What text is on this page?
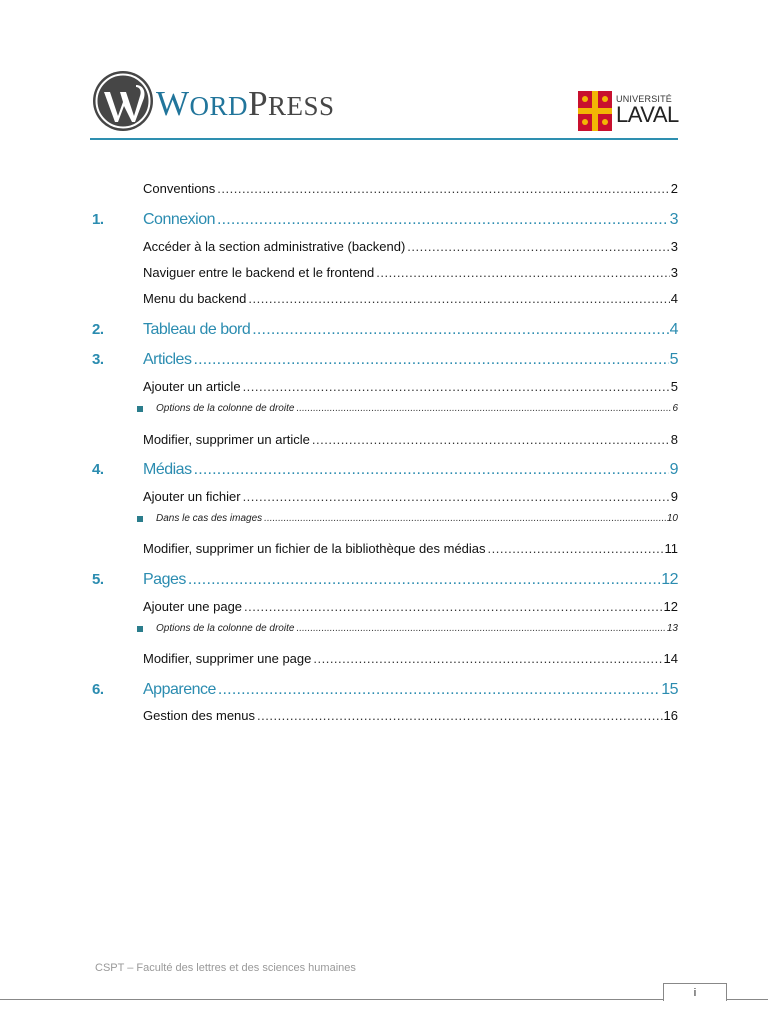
WORDPRESS	UNIVERSITÉ
LAVAL
Conventions .....	2
1. Connexion .....	3
Accéder à la section administrative (backend) .....	3
Naviguer entre le backend et le frontend .....	3
Menu du backend .....	4
2. Tableau de bord .....	4
3. Articles .....	5
Ajouter un article .....	5
Options de la colonne de droite .....	6
Modifier, supprimer un article .....	8
4. Médias .....	9
Ajouter un fichier .....	9
Dans le cas des images .....	10
Modifier, supprimer un fichier de la bibliothèque des médias .....	11
5. Pages .....	12
Ajouter une page .....	12
Options de la colonne de droite .....	13
Modifier, supprimer une page .....	14
6. Apparence .....	15
Gestion des menus .....	16
CSPT – Faculté des lettres et des sciences humaines
i
